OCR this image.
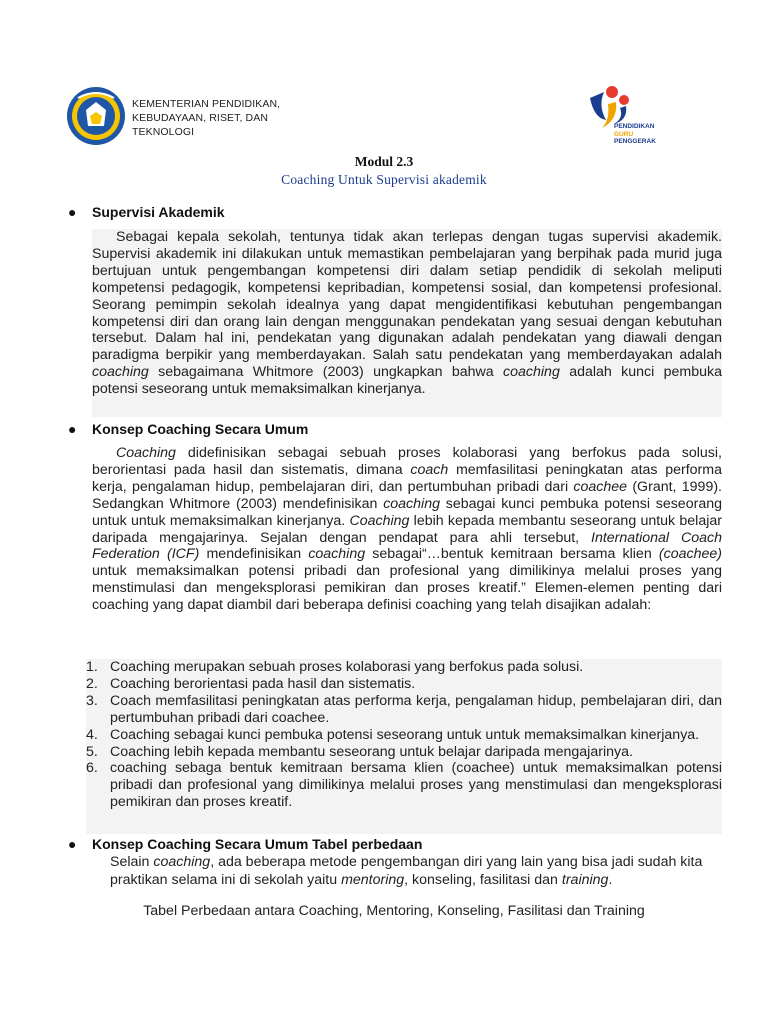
KEMENTERIAN PENDIDIKAN,
KEBUDAYAAN, RISET, DAN
TEKNOLOGI	PENDIDIKAN
GURU
PENGGERAK
Modul 2.3
Coaching Untuk Supervisi akademik
● Supervisi Akademik
Sebagai kepala sekolah, tentunya tidak akan terlepas dengan tugas supervisi akademik. Supervisi akademik ini dilakukan untuk memastikan pembelajaran yang berpihak pada murid juga bertujuan untuk pengembangan kompetensi diri dalam setiap pendidik di sekolah meliputi kompetensi pedagogik, kompetensi kepribadian, kompetensi sosial, dan kompetensi profesional. Seorang pemimpin sekolah idealnya yang dapat mengidentifikasi kebutuhan pengembangan kompetensi diri dan orang lain dengan menggunakan pendekatan yang sesuai dengan kebutuhan tersebut. Dalam hal ini, pendekatan yang digunakan adalah pendekatan yang diawali dengan paradigma berpikir yang memberdayakan. Salah satu pendekatan yang memberdayakan adalah coaching sebagaimana Whitmore (2003) ungkapkan bahwa coaching adalah kunci pembuka potensi seseorang untuk memaksimalkan kinerjanya.
● Konsep Coaching Secara Umum
Coaching didefinisikan sebagai sebuah proses kolaborasi yang berfokus pada solusi, berorientasi pada hasil dan sistematis, dimana coach memfasilitasi peningkatan atas performa kerja, pengalaman hidup, pembelajaran diri, dan pertumbuhan pribadi dari coachee (Grant, 1999). Sedangkan Whitmore (2003) mendefinisikan coaching sebagai kunci pembuka potensi seseorang untuk untuk memaksimalkan kinerjanya. Coaching lebih kepada membantu seseorang untuk belajar daripada mengajarinya. Sejalan dengan pendapat para ahli tersebut, International Coach Federation (ICF) mendefinisikan coaching sebagai“…bentuk kemitraan bersama klien (coachee) untuk memaksimalkan potensi pribadi dan profesional yang dimilikinya melalui proses yang menstimulasi dan mengeksplorasi pemikiran dan proses kreatif.” Elemen-elemen penting dari coaching yang dapat diambil dari beberapa definisi coaching yang telah disajikan adalah:
1. Coaching merupakan sebuah proses kolaborasi yang berfokus pada solusi.
2. Coaching berorientasi pada hasil dan sistematis.
3. Coach memfasilitasi peningkatan atas performa kerja, pengalaman hidup, pembelajaran diri, dan pertumbuhan pribadi dari coachee.
4. Coaching sebagai kunci pembuka potensi seseorang untuk untuk memaksimalkan kinerjanya.
5. Coaching lebih kepada membantu seseorang untuk belajar daripada mengajarinya.
6. coaching sebaga bentuk kemitraan bersama klien (coachee) untuk memaksimalkan potensi pribadi dan profesional yang dimilikinya melalui proses yang menstimulasi dan mengeksplorasi pemikiran dan proses kreatif.
● Konsep Coaching Secara Umum Tabel perbedaan
Selain coaching, ada beberapa metode pengembangan diri yang lain yang bisa jadi sudah kita praktikan selama ini di sekolah yaitu mentoring, konseling, fasilitasi dan training.
Tabel Perbedaan antara Coaching, Mentoring, Konseling, Fasilitasi dan Training
